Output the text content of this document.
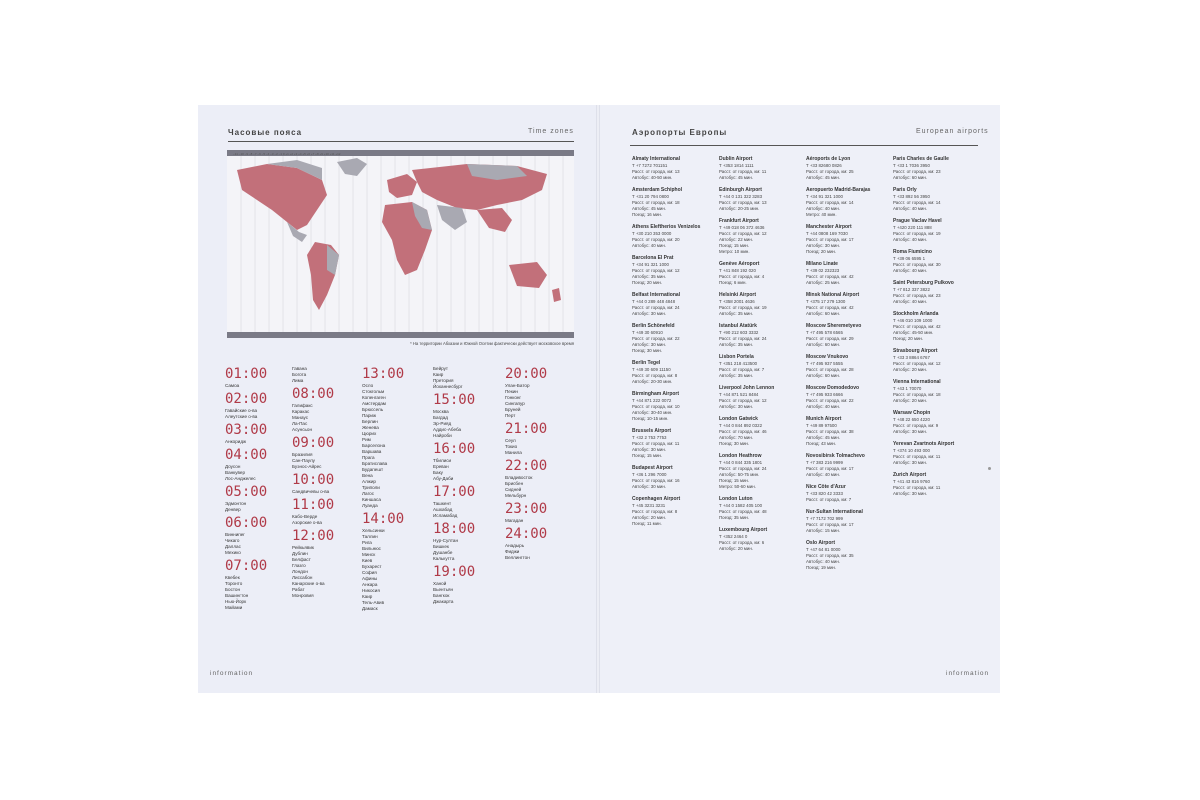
Часовые пояса	Time zones
−11 −10 −9 −8 −7 −6 −5 −4 −3 −2 −1 0 +1 +2 +3 +4 +5 +6 +7 +8 +9 +10 +11 +12
* На территории Абхазии и Южной Осетии фактически действует московское время
01:00
Самоа
02:00
Гавайские о-ва
Алеутские о-ва
03:00
Анкоридж
04:00
Доусон
Ванкувер
Лос-Анджелес
05:00
Эдмонтон
Денвер
06:00
Виннипег
Чикаго
Даллас
Мехико
07:00
Квебек
Торонто
Бостон
Вашингтон
Нью-Йорк
Майами
Гавана
Богота
Лима
08:00
Галифакс
Каракас
Манаус
Ла-Пас
Асунсьон
09:00
Бразилия
Сан-Паулу
Буэнос-Айрес
10:00
Сандвичевы о-ва
11:00
Кабо-Верде
Азорские о-ва
12:00
Рейкьявик
Дублин
Белфаст
Глазго
Лондон
Лиссабон
Канарские о-ва
Рабат
Монровия
13:00
Осло
Стокгольм
Копенгаген
Амстердам
Брюссель
Париж
Берлин
Женева
Цюрих
Рим
Барселона
Варшава
Прага
Братислава
Будапешт
Вена
Алжир
Триполи
Лагос
Киншаса
Луанда
14:00
Хельсинки
Таллин
Рига
Вильнюс
Минск
Киев
Бухарест
София
Афины
Анкара
Никосия
Каир
Тель-Авив
Дамаск
Бейрут
Каир
Претория
Йоханнесбург
15:00
Москва
Багдад
Эр-Рияд
Аддис-Абеба
Найроби
16:00
Тбилиси
Ереван
Баку
Абу-Даби
17:00
Ташкент
Ашхабад
Исламабад
18:00
Нур-Султан
Бишкек
Душанбе
Калькутта
19:00
Ханой
Вьентьян
Бангкок
Джакарта
20:00
Улан-Батор
Пекин
Гонконг
Сингапур
Бруней
Перт
21:00
Сеул
Токио
Манила
22:00
Владивосток
Брисбен
Сидней
Мельбурн
23:00
Магадан
24:00
Анадырь
Фиджи
Веллингтон
information
Аэропорты Европы	European airports
Almaty International
T +7 7272 701151
Расст. от города, км: 13
Автобус: 40-50 мин.
Amsterdam Schiphol
T +31 20 794 0800
Расст. от города, км: 18
Автобус: 45 мин.
Поезд: 16 мин.
Athens Eleftherios Venizelos
T +30 210 353 0000
Расст. от города, км: 20
Автобус: 40 мин.
Barcelona El Prat
T +34 91 321 1000
Расст. от города, км: 12
Автобус: 35 мин.
Поезд: 20 мин.
Belfast International
T +44 0 289 448 4848
Расст. от города, км: 24
Автобус: 30 мин.
Berlin Schönefeld
T +49 30 60910
Расст. от города, км: 22
Автобус: 30 мин.
Поезд: 30 мин.
Berlin Tegel
T +49 30 609 11150
Расст. от города, км: 8
Автобус: 20-30 мин.
Birmingham Airport
T +44 871 222 0072
Расст. от города, км: 10
Автобус: 30-40 мин.
Поезд: 10-15 мин.
Brussels Airport
T +32 2 753 7753
Расст. от города, км: 11
Автобус: 30 мин.
Поезд: 15 мин.
Budapest Airport
T +36 1 296 7000
Расст. от города, км: 16
Автобус: 30 мин.
Copenhagen Airport
T +45 3231 3231
Расст. от города, км: 8
Автобус: 20 мин.
Поезд: 11 мин.
Dublin Airport
T +353 1814 1111
Расст. от города, км: 11
Автобус: 45 мин.
Edinburgh Airport
T +44 0 131 322 3283
Расст. от города, км: 13
Автобус: 20-25 мин.
Frankfurt Airport
T +49 018 06 372 4636
Расст. от города, км: 12
Автобус: 22 мин.
Поезд: 15 мин.
Метро: 10 мин.
Genève Aéroport
T +41 848 192 020
Расст. от города, км: 4
Поезд: 6 мин.
Helsinki Airport
T +358 2001 4636
Расст. от города, км: 19
Автобус: 35 мин.
Istanbul Atatürk
T +90 212 603 3332
Расст. от города, км: 24
Автобус: 35 мин.
Lisbon Portela
T +351 218 413500
Расст. от города, км: 7
Автобус: 35 мин.
Liverpool John Lennon
T +44 871 521 8484
Расст. от города, км: 12
Автобус: 30 мин.
London Gatwick
T +44 0 844 892 0322
Расст. от города, км: 46
Автобус: 70 мин.
Поезд: 30 мин.
London Heathrow
T +44 0 844 335 1801
Расст. от города, км: 24
Автобус: 50-75 мин.
Поезд: 15 мин.
Метро: 50-60 мин.
London Luton
T +44 0 1582 405 100
Расст. от города, км: 48
Поезд: 35 мин.
Luxembourg Airport
T +352 2464 0
Расст. от города, км: 6
Автобус: 20 мин.
Aéroports de Lyon
T +33 82680 0826
Расст. от города, км: 25
Автобус: 45 мин.
Aeropuerto Madrid-Barajas
T +34 91 321 1000
Расст. от города, км: 14
Автобус: 40 мин.
Метро: 40 мин.
Manchester Airport
T +44 0808 169 7030
Расст. от города, км: 17
Автобус: 30 мин.
Поезд: 20 мин.
Milano Linate
T +39 02 232323
Расст. от города, км: 42
Автобус: 25 мин.
Minsk National Airport
T +375 17 279 1300
Расст. от города, км: 42
Автобус: 60 мин.
Moscow Sheremetyevo
T +7 495 578 6565
Расст. от города, км: 29
Автобус: 60 мин.
Moscow Vnukovo
T +7 495 937 5555
Расст. от города, км: 28
Автобус: 60 мин.
Moscow Domodedovo
T +7 495 933 6666
Расст. от города, км: 22
Автобус: 40 мин.
Munich Airport
T +49 89 97500
Расст. от города, км: 38
Автобус: 45 мин.
Поезд: 43 мин.
Novosibirsk Tolmachevo
T +7 383 216 9999
Расст. от города, км: 17
Автобус: 40 мин.
Nice Côte d'Azur
T +33 820 42 3333
Расст. от города, км: 7
Nur-Sultan International
T +7 7172 702 999
Расст. от города, км: 17
Автобус: 15 мин.
Oslo Airport
T +47 64 81 0000
Расст. от города, км: 35
Автобус: 40 мин.
Поезд: 19 мин.
Paris Charles de Gaulle
T +33 1 7036 3950
Расст. от города, км: 23
Автобус: 60 мин.
Paris Orly
T +33 892 56 3950
Расст. от города, км: 14
Автобус: 40 мин.
Prague Vaclav Havel
T +420 220 111 888
Расст. от города, км: 19
Автобус: 40 мин.
Roma Fiumicino
T +39 06 6595 1
Расст. от города, км: 30
Автобус: 40 мин.
Saint Petersburg Pulkovo
T +7 812 337 3822
Расст. от города, км: 23
Автобус: 40 мин.
Stockholm Arlanda
T +46 010 109 1000
Расст. от города, км: 42
Автобус: 45-50 мин.
Поезд: 20 мин.
Strasbourg Airport
T +33 3 8864 6767
Расст. от города, км: 12
Автобус: 20 мин.
Vienna International
T +43 1 70070
Расст. от города, км: 18
Автобус: 20 мин.
Warsaw Chopin
T +48 22 650 4220
Расст. от города, км: 9
Автобус: 30 мин.
Yerevan Zvartnots Airport
T +374 10 493 000
Расст. от города, км: 11
Автобус: 30 мин.
Zurich Airport
T +41 43 816 9760
Расст. от города, км: 11
Автобус: 30 мин.
information
